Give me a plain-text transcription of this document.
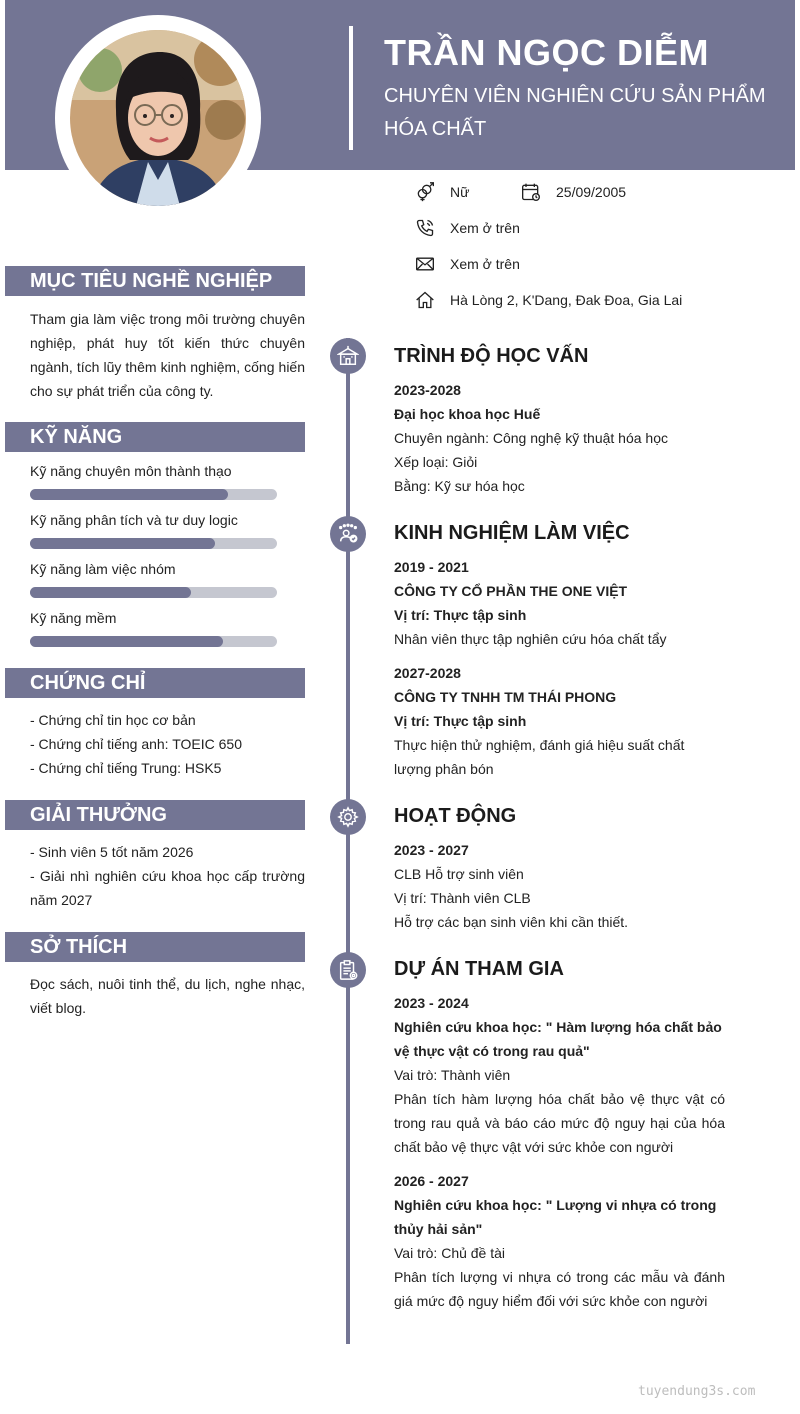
TRẦN NGỌC DIỄM
CHUYÊN VIÊN NGHIÊN CỨU SẢN PHẨM HÓA CHẤT
Nữ	25/09/2005
Xem ở trên
Xem ở trên
Hà Lòng 2, K'Dang, Đak Đoa, Gia Lai
MỤC TIÊU NGHỀ NGHIỆP
Tham gia làm việc trong môi trường chuyên nghiệp, phát huy tốt kiến thức chuyên ngành, tích lũy thêm kinh nghiệm, cống hiến cho sự phát triển của công ty.
KỸ NĂNG
Kỹ năng chuyên môn thành thạo
Kỹ năng phân tích và tư duy logic
Kỹ năng làm việc nhóm
Kỹ năng mềm
CHỨNG CHỈ
- Chứng chỉ tin học cơ bản
- Chứng chỉ tiếng anh: TOEIC 650
- Chứng chỉ tiếng Trung: HSK5
GIẢI THƯỞNG
- Sinh viên 5 tốt năm 2026
- Giải nhì nghiên cứu khoa học cấp trường năm 2027
SỞ THÍCH
Đọc sách, nuôi tinh thể, du lịch, nghe nhạc, viết blog.
TRÌNH ĐỘ HỌC VẤN

2023-2028

Đại học khoa học Huế

Chuyên ngành: Công nghệ kỹ thuật hóa học

Xếp loại: Giỏi

Bằng: Kỹ sư hóa học

KINH NGHIỆM LÀM VIỆC

2019 - 2021

CÔNG TY CỔ PHẦN THE ONE VIỆT

Vị trí: Thực tập sinh

Nhân viên thực tập nghiên cứu hóa chất tẩy

2027-2028

CÔNG TY TNHH TM THÁI PHONG

Vị trí: Thực tập sinh

Thực hiện thử nghiệm, đánh giá hiệu suất chất lượng phân bón

HOẠT ĐỘNG

2023 - 2027

CLB Hỗ trợ sinh viên

Vị trí: Thành viên CLB

Hỗ trợ các bạn sinh viên khi cần thiết.

DỰ ÁN THAM GIA

2023 - 2024

Nghiên cứu khoa học: " Hàm lượng hóa chất bảo vệ thực vật có trong rau quả"

Vai trò: Thành viên

Phân tích hàm lượng hóa chất bảo vệ thực vật có trong rau quả và báo cáo mức độ nguy hại của hóa chất bảo vệ thực vật với sức khỏe con người

2026 - 2027

Nghiên cứu khoa học: " Lượng vi nhựa có trong thủy hải sản"

Vai trò: Chủ đề tài

Phân tích lượng vi nhựa có trong các mẫu và đánh giá mức độ nguy hiểm đối với sức khỏe con người

tuyendung3s.com
